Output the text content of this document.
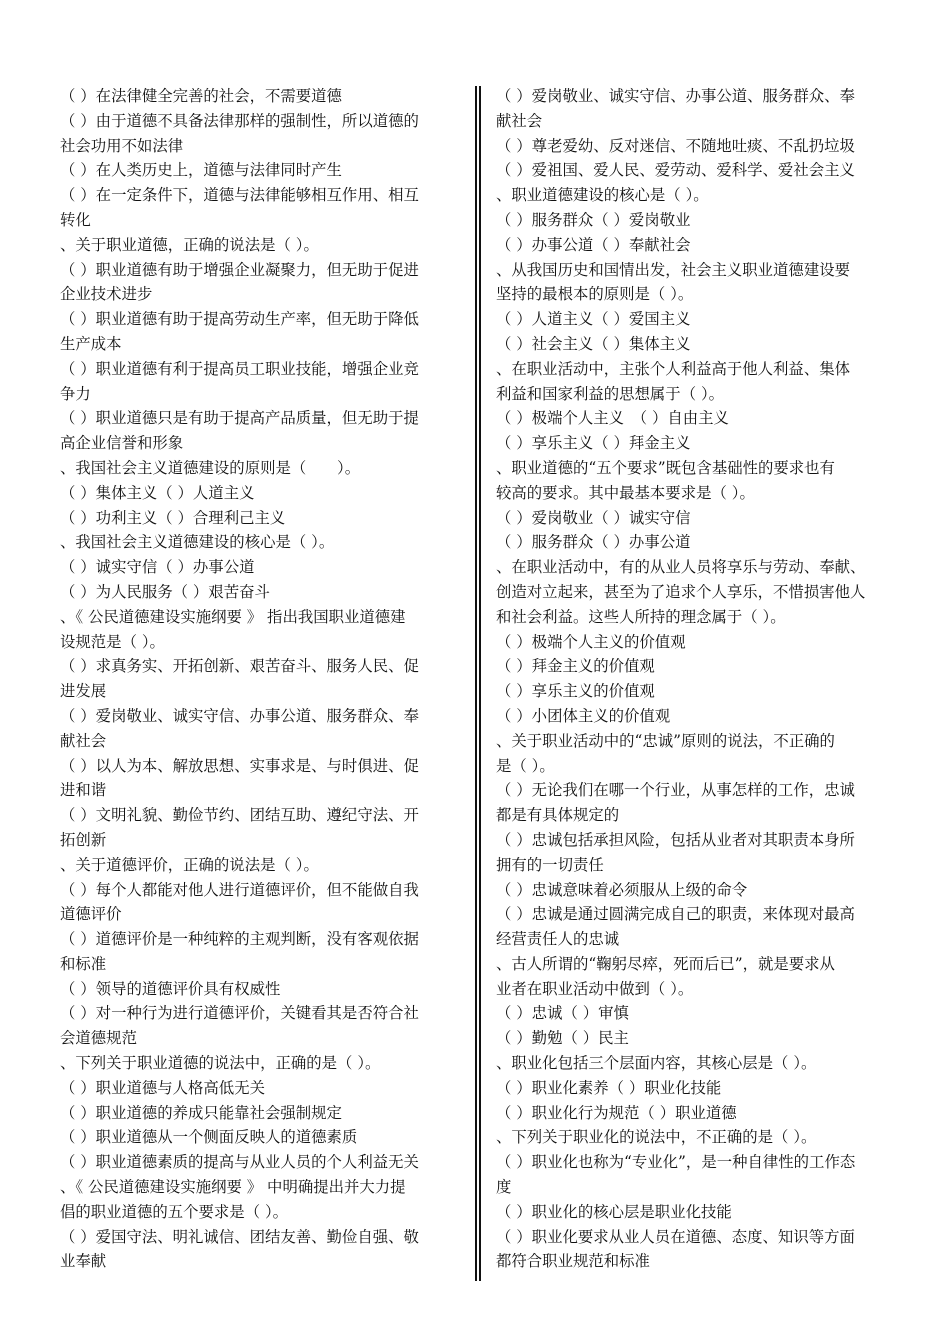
（ ）在法律健全完善的社会，不需要道德
（ ）由于道德不具备法律那样的强制性，所以道德的
社会功用不如法律
（ ）在人类历史上，道德与法律同时产生
（ ）在一定条件下，道德与法律能够相互作用、相互
转化
、关于职业道德，正确的说法是（ ）。
（ ）职业道德有助于增强企业凝聚力，但无助于促进
企业技术进步
（ ）职业道德有助于提高劳动生产率，但无助于降低
生产成本
（ ）职业道德有利于提高员工职业技能，增强企业竞
争力
（ ）职业道德只是有助于提高产品质量，但无助于提
高企业信誉和形象
、我国社会主义道德建设的原则是（　　）。
（ ）集体主义（ ）人道主义
（ ）功利主义（ ）合理利己主义
、我国社会主义道德建设的核心是（ ）。
（ ）诚实守信（ ）办事公道
（ ）为人民服务（ ）艰苦奋斗
、《 公民道德建设实施纲要 》 指出我国职业道德建
设规范是（ ）。
（ ）求真务实、开拓创新、艰苦奋斗、服务人民、促
进发展
（ ）爱岗敬业、诚实守信、办事公道、服务群众、奉
献社会
（ ）以人为本、解放思想、实事求是、与时俱进、促
进和谐
（ ）文明礼貌、勤俭节约、团结互助、遵纪守法、开
拓创新
、关于道德评价，正确的说法是（ ）。
（ ）每个人都能对他人进行道德评价，但不能做自我
道德评价
（ ）道德评价是一种纯粹的主观判断，没有客观依据
和标准
（ ）领导的道德评价具有权威性
（ ）对一种行为进行道德评价，关键看其是否符合社
会道德规范
、下列关于职业道德的说法中，正确的是（ ）。
（ ）职业道德与人格高低无关
（ ）职业道德的养成只能靠社会强制规定
（ ）职业道德从一个侧面反映人的道德素质
（ ）职业道德素质的提高与从业人员的个人利益无关
、《 公民道德建设实施纲要 》 中明确提出并大力提
倡的职业道德的五个要求是（ ）。
（ ）爱国守法、明礼诚信、团结友善、勤俭自强、敬
业奉献
（ ）爱岗敬业、诚实守信、办事公道、服务群众、奉
献社会
（ ）尊老爱幼、反对迷信、不随地吐痰、不乱扔垃圾
（ ）爱祖国、爱人民、爱劳动、爱科学、爱社会主义
、职业道德建设的核心是（ ）。
（ ）服务群众（ ）爱岗敬业
（ ）办事公道（ ）奉献社会
、从我国历史和国情出发，社会主义职业道德建设要
坚持的最根本的原则是（ ）。
（ ）人道主义（ ）爱国主义
（ ）社会主义（ ）集体主义
、在职业活动中，主张个人利益高于他人利益、集体
利益和国家利益的思想属于（ ）。
（ ）极端个人主义　（ ）自由主义
（ ）享乐主义（ ）拜金主义
、职业道德的“五个要求”既包含基础性的要求也有
较高的要求。其中最基本要求是（ ）。
（ ）爱岗敬业（ ）诚实守信
（ ）服务群众（ ）办事公道
、在职业活动中，有的从业人员将享乐与劳动、奉献、
创造对立起来，甚至为了追求个人享乐，不惜损害他人
和社会利益。这些人所持的理念属于（ ）。
（ ）极端个人主义的价值观
（ ）拜金主义的价值观
（ ）享乐主义的价值观
（ ）小团体主义的价值观
、关于职业活动中的“忠诚”原则的说法，不正确的
是（ ）。
（ ）无论我们在哪一个行业，从事怎样的工作，忠诚
都是有具体规定的
（ ）忠诚包括承担风险，包括从业者对其职责本身所
拥有的一切责任
（ ）忠诚意味着必须服从上级的命令
（ ）忠诚是通过圆满完成自己的职责，来体现对最高
经营责任人的忠诚
、古人所谓的“鞠躬尽瘁，死而后已”，就是要求从
业者在职业活动中做到（ ）。
（ ）忠诚（ ）审慎
（ ）勤勉（ ）民主
、职业化包括三个层面内容，其核心层是（ ）。
（ ）职业化素养（ ）职业化技能
（ ）职业化行为规范（ ）职业道德
、下列关于职业化的说法中，不正确的是（ ）。
（ ）职业化也称为“专业化”，是一种自律性的工作态
度
（ ）职业化的核心层是职业化技能
（ ）职业化要求从业人员在道德、态度、知识等方面
都符合职业规范和标准
